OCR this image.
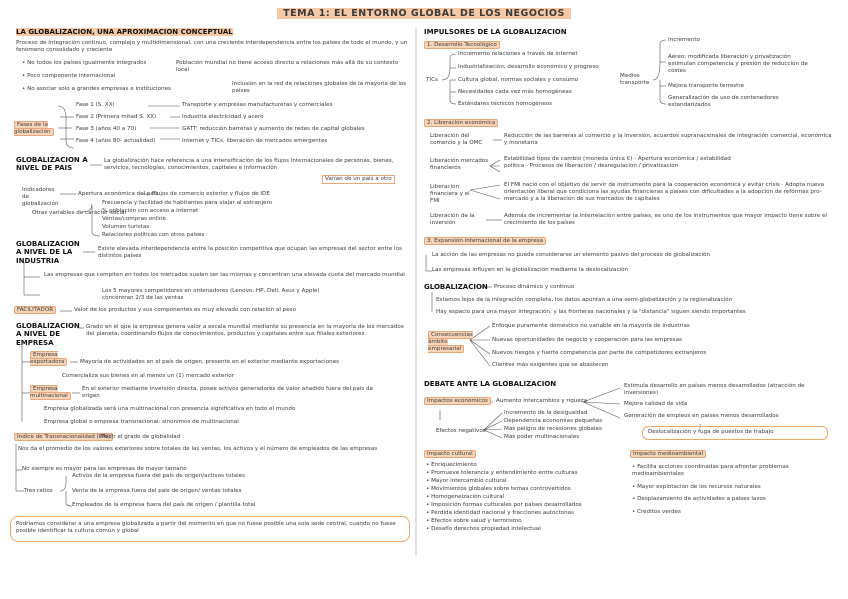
TEMA 1: EL ENTORNO GLOBAL DE LOS NEGOCIOS
LA GLOBALIZACION, UNA APROXIMACION CONCEPTUAL
Proceso de integración continuo, complejo y multidimensional, con una creciente interdependencia entre los países de todo el mundo, y un fenómeno consolidado y creciente
• No todos los países igualmente integrados	Población mundial no tiene acceso directo a relaciones más allá de su contexto local
• Poco componente internacional
• No asociar solo a grandes empresas e instituciones
Inclusión en la red de relaciones globales de la mayoría de los países
Fases de la globalización
Fase 1 (S. XX)	Transporte y empresas manufactureras y comerciales
Fase 2 (Primera mitad S. XX)	Industria electricidad y acero
Fase 3 (años 40 a 70)	GATT: reducción barreras y aumento de redes de capital globales
Fase 4 (años 80- actualidad)	Internet y TICs, liberación de mercados emergentes
GLOBALIZACION A NIVEL DE PAIS
La globalización hace referencia a una intensificación de los flujos internacionales de personas, bienes, servicios, tecnologías, conocimientos, capitales e información
Varían de un país a otro
Indicadores de globalización
Apertura económica del país
Flujos de comercio exterior y flujos de IDE
Otras variables de carácter social
Frecuencia y facilidad de habitantes para viajar al extranjero
% población con acceso a internet
Ventas/compras online
Volumen turistas
Relaciones políticas con otros países
GLOBALIZACION A NIVEL DE LA INDUSTRIA
Existe elevada interdependencia entre la posición competitiva que ocupan las empresas del sector entre los distintos países
Las empresas que compiten en todos los mercados suelen ser las mismas y concentran una elevada cuota del mercado mundial
Los 5 mayores competidores en ordenadores (Lenovo, HP, Dell, Asus y Apple) concentran 2/3 de las ventas
FACILITADOR	Valor de los productos y sus componentes es muy elevado con relación al peso
GLOBALIZACION A NIVEL DE EMPRESA
Grado en el que la empresa genera valor a escala mundial mediante su presencia en la mayoría de los mercados del planeta, coordinando flujos de conocimientos, productos y capitales entre sus filiales exteriores
Empresa exportadora	Mayoría de actividades en el país de origen, presente en el exterior mediante exportaciones
Comercializa sus bienes en al menos un (1) mercado exterior
Empresa multinacional
En el exterior mediante inversión directa, posee activos generadores de valor añadido fuera del país de origen
Empresa globalizada será una multinacional con presencia significativa en todo el mundo
Empresa global o empresa transnacional: sinónimos de multinacional
Índice de Transnacionalidad (ITN)
Medir el grado de globalidad
Nos da el promedio de los valores exteriores sobre totales de las ventas, los activos y el número de empleados de las empresas
No siempre es mayor para las empresas de mayor tamaño
Tres ratios
Activos de la empresa fuera del país de origen/activos totales
Venta de la empresa fuera del país de origen/ ventas totales
Empleados de la empresa fuera del país de origen / plantilla total
Podríamos considerar a una empresa globalizada a partir del momento en que no fuese posible una sola sede central, cuando no fuese posible identificar la cultura común y global
IMPULSORES DE LA GLOBALIZACION
1. Desarrollo Tecnológico
TICs
Incremento relaciones a través de internet
Industrialización, desarrollo económico y progreso
Cultura global, normas sociales y consumo
Necesidades cada vez más homogéneas
Estándares técnicos homogéneos
Medios transporte
Incremento
Aéreo: modificada liberación y privatización estimulan competencia y presión de reducción de costes
Mejora transporte terrestre
Generalización de uso de contenedores estandarizados
2. Liberación económica
Liberación del comercio y la OMC
Reducción de las barreras al comercio y la inversión, acuerdos supranacionales de integración comercial, económica y monetaria
Liberación mercados financieros
Estabilidad tipos de cambio (moneda única €) · Apertura económica / estabilidad política · Procesos de liberación / desregulación / privatización
Liberación financiera y el FMI
El FMI nació con el objetivo de servir de instrumento para la cooperación económica y evitar crisis · Adopta nueva orientación liberal que condiciona las ayudas financieras a países con dificultades a la adopción de reformas pro-mercado y a la liberación de sus mercados de capitales
Liberación de la inversión
Además de incrementar la interrelación entre países, es uno de los instrumentos que mayor impacto tiene sobre el crecimiento de los países
3. Expansión internacional de la empresa
La acción de las empresas no puede considerarse un elemento pasivo del proceso de globalización
Las empresas influyen en la globalización mediante la deslocalización
GLOBALIZACION Proceso dinámico y continuo
Estamos lejos de la integración completa, los datos apuntan a una semi-globalización y la regionalización
Hay espacio para una mayor integración, y las fronteras nacionales y la "distancia" siguen siendo importantes
Consecuencias ámbito empresarial
Enfoque puramente doméstico no variable en la mayoría de industrias
Nuevas oportunidades de negocio y cooperación para las empresas
Nuevos riesgos y fuerte competencia por parte de competidores extranjeros
Clientes más exigentes que se abastecen
DEBATE ANTE LA GLOBALIZACION
Impactos económicos	Aumento intercambios y riqueza
Estimula desarrollo en países menos desarrollados (atracción de inversiones)
Mejora calidad de vida
Generación de empleos en países menos desarrollados
Deslocalización y fuga de puestos de trabajo
Efectos negativos
Incremento de la desigualdad
Dependencia economías pequeñas
Más peligro de recesiones globales
Más poder multinacionales
Impacto cultural
• Enriquecimiento
• Promueve tolerancia y entendimiento entre culturas
• Mayor intercambio cultural
• Movimientos globales sobre temas controvertidos
• Homogeneización cultural
• Imposición formas culturales por países desarrollados
• Pérdida identidad nacional y fracciones autóctonas
• Efectos sobre salud y terrorismo
• Desafío derechos propiedad intelectual
Impacto medioambiental
• Facilita acciones coordinadas para afrontar problemas medioambientales
• Mayor explotación de los recursos naturales
• Desplazamiento de actividades a países laxos
• Créditos verdes
